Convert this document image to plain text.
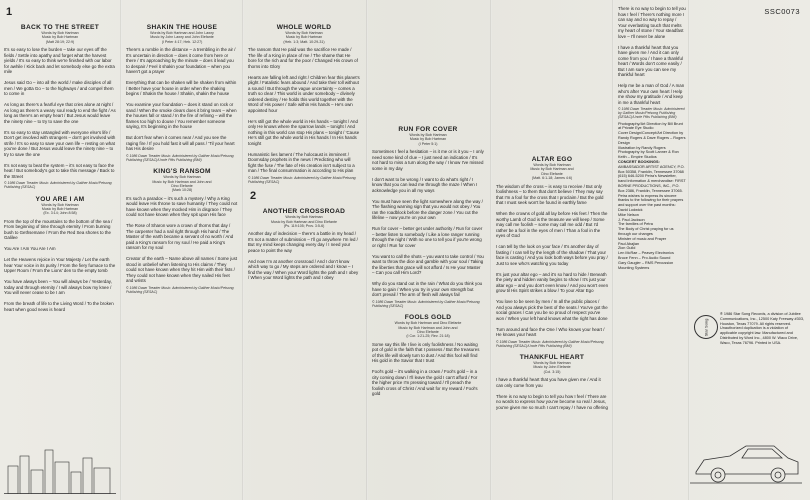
SSC0073
1
BACK TO THE STREET
Words by Bob Hartman
Music by Bob Hartman
(Matt 28:19; 22:9)
It's so easy to lose the burden – take our eyes off the fields / Settle into apathy and forget what the harvest yields / It's so easy to think we're finished with our labor for awhile / Kick back and let somebody else go the extra mile

Jesus said Go – into all the world / make disciples of all men / We gotta Go – to the highways / and compel them to come in

As long as there's a fearful eye that cries alone at night / As long as there's a weary soul ready to end the fight / As long as there's an empty heart / But Jesus would leave the ninety nine – to try to save the one

It's so easy to stay untangled with everyone else's life / Don't get involved with strangers – don't get involved with strife / It's so easy to save your own life – resting on what you've done / But Jesus would leave the ninety nine – to try to save the one

It's not easy to beat the system – it's not easy to face the heat / But somebody's got to take this message / Back to the Street
© 1986 Dawn Treader Music. Administered by Gaither Music/Petsong Publishing (SESAC)
YOU ARE I AM
Words by Bob Hartman
Music by Bob Hartman
(Ex. 3:14; John 8:58)
From the top of the mountains to the bottom of the sea / From beginning of time through eternity / From burning bush to Gethsemane / From the Red Sea shores to the Galilee

You Are I Am You Are I Am

Let the Heavens rejoice in Your Majesty / Let the earth hear Your voice in its purity / From the fiery furnace to the Upper Room / From the Lions' den to the empty tomb

You have always been – You will always be / Yesterday, today and through eternity / I will always bow my knee / You will never cease to be I am

From the breath of life to the Living Word / To the broken heart when good news is heard
SHAKIN THE HOUSE
Words by Bob Hartman and John Lawry
Music by John Lawry and John Elefante
(I Peter 4:17; Heb. 12:27)
There's a rumble in the distance – a trembling in the air / It's uncertain in direction – does it come from here or there / It's approaching by the minute – does it lead you to despair / Feel it shakin your foundation – when you haven't got a prayer

Everything that can be shaken will be shaken from within / Better have your house in order when the shaking begins / Shakin the house / Shakin, shakin the house

You examine your foundation – does it stand on rock or sand / When the smoke clears does it bring tears – when the houses fall or stand / In the fire of refining – will the flames too high to douse / You remember someone saying, It's beginning in the house

But don't fear when it comes near / And you see the raging fire / If you hold fast it will all pass / 'Til your heart has His desire
© 1986 Dawn Treader Music. Administered by Gaither Music/Petsong Publishing (SESAC)/Uncle Pitts Publishing (BMI)
KING'S RANSOM
Words by Bob Hartman
Music by Bob Hartman and John and
Dino Elefante
(Mark 10:28)
It's such a paradox – it's such a mystery / Why a King would leave His throne to save humanity / They could not have known when they mocked Him in disgrace / They could not have known when they spit upon His face

The Rose of Sharon wore a crown of thorns that day / The carpenter had a nail right through His hand / The Master of the earth became a servant of no worth / And paid a King's ransom for my soul / He paid a King's ransom for my soul

Creator of the earth – Name above all names / Some just stood in unbelief when listening to His claims / They could not have known when they hit Him with their fists / They could not have known when they nailed His feet and wrists
© 1986 Dawn Treader Music. Administered by Gaither Music/Petsong Publishing (SESAC)
WHOLE WORLD
Words by Bob Hartman
Music by Bob Hartman
(Heb. 1:3; Matt. 10:29-31)
The ransom that He paid was the sacrifice He made / The life of a King in place of me / The shame that He bore for the rich and for the poor / Changed His crown of thorns into Glory

Hearts are falling left and right / Children fear this planet's plight / Fatalistic fears abound / And take their toll without a sound / But through the vague uncertainty – comes a truth so clear / This world is under somebody – divinely ordered destiny / He holds this world together with the Word of His power / Safe within His hands – He's own appointed hour

He's still got the whole world in His hands – tonight / And only He knows where the sparrow lands – tonight / And nothing in this world can stop His plans – tonight / 'Cause He's still got the whole world in His hands / In His hands tonight

Humanistic lies lament / The holocaust is imminent / Doomsday prophets in the news / Predicting who will fight the fuse / The fate of His creation isn't subject to a man / The final consummation is according to His plan
© 1986 Dawn Treader Music. Administered by Gaither Music/Petsong Publishing (SESAC)
2
ANOTHER CROSSROAD
Words by Bob Hartman
Music by Bob Hartman and Dino Elefante
(Ps. 119:105; Prov. 3:5-6)
Another day of indecision – there's a battle in my head / It's not a matter of submission – I'll go anywhere I'm led / But my mind keeps changing every day / I need your peace to point the way

And now I'm at another crossroad / And I don't know which way to go / My steps are ordered and I know – I find the way / When your Word lights the path and I obey / When your Word lights the path and I obey
RUN FOR COVER
Words by Bob Hartman
Music by Bob Hartman
(I Peter 5:1)
Sometimes I feel a hesitation – is it me or is it you – I only need some kind of clue – I just need an indication / It's not hard to miss a turn along the way / I know I've missed some in my day

I don't want to be wrong / I want to do what's right / I know that you can lead me through the maze / When I acknowledge you in all my ways

You must have seen the light somewhere along the way / The flashing warning sign that you would not obey / You ran the roadblock before the danger zone / You cut the lifeline – now you're on your own

Run for cover – better get under authority / Run for cover – better listen to somebody / Like a lone ranger running through the night / With no one to tell you if you're wrong or right / Run for cover

You want to call the shots – you want to take control / You want to throw the dice and gamble with your soul / Taking the liberties that grace will not afford / Is He your Master – Can you call Him Lord?

Why do you stand out in the rain / What do you think you have to gain / When you try in your own strength but don't prevail / The arm of flesh will always fail
© 1986 Dawn Treader Music. Administered by Gaither Music/Petsong Publishing (SESAC)
FOOLS GOLD
Words by Bob Hartman and Dino Elefante
Music by Bob Hartman and John and
Dino Elefante
(I Cor. 1:21-25; Rev. 21:18)
Some say this life I live is only foolishness / No waiting pot of gold in the faith that I possess / But the treasures of this life will slowly turn to dust / And this fool will find His gold in the Savior that I trust

Fool's gold – it's walking in a crown / Fool's gold – in a city coming down / I'll leave the gold I can't afford / For the higher price I'm pressing toward / I'll preach the foolish cross of Christ / And wait for my reward / Fool's gold
ALTAR EGO
Words by Bob Hartman
Music by Bob Hartman and
Dino Elefante
(Matt. 6:1-18; James 4:6)
The wisdom of the cross – is easy to receive / But only foolishness – to them that don't believe / They may say that I'm a fool for the cross that I proclaim / But the gold that I must seek won't be found in earthly fame

When the crowns of gold all lay before His feet / Then the worthy Lamb of God is the treasure we will keep / Some may call me foolish – some may call me odd / But I'd rather be a fool in the eyes of men / Than a fool in the eyes of God

I can tell by the look on your face / It's another day of fasting / I can tell by the length of the shadow / That your face is casting / And you look both ways before you pray / Just to see who's watching you today

It's just your altar ego – and it's so hard to hide / Beneath the piety and hidden vanity begins to show / It's just your altar ego – and you don't even know / And you won't even grow til His Spirit strikes a blow / To your Altar Ego

You love to be seen by men / In all the public places / And you always pick the best of the seats / You've got the social graces / Can you be so proud of respect you've won / When your left hand knows what the right has done

Turn around and face the One / Who knows your heart / He knows your heart
© 1986 Dawn Treader Music. Administered by Gaither Music/Petsong Publishing (SESAC)/Uncle Pitts Publishing (BMI)
THANKFUL HEART
Words by Bob Hartman
Music by John Elefante
(Col. 3:15)
I have a thankful heart that you have given me / And it can only come from you

There is no way to begin to tell you how I feel / There are no words to express how you've become so real / Jesus, you've given me so much I can't repay / I have no offering
There is no way to begin to tell you how I feel / There's nothing more I can say and no way to repay / Your everlasting touch that melts my heart of stone / Your steadfast love – I'll never be alone

I have a thankful heart that you have given me / And it can only come from you / I have a thankful heart / Words don't come easily / But I am sure you can see my thankful heart

Help me be a man of God / A man who's after Your own heart / Help me show my gratitude / And keep in me a thankful heart
© 1986 Dawn Treader Music. Administered by Gaither Music/Petsong Publishing (SESAC)/Uncle Pitts Publishing (BMI)
Photography/Art Direction by Bill Brunt at Private Eye Studio
Cover Design/Concept/Art Direction by Randy Rogers & Dave Rogers – Rogers Design
Illustration by Randy Rogers
Photography by Scott Lanner & Ron Keith – Empire Studios
CONCERT BOOKINGS: AMBASSADOR ARTIST AGENCY, P.O. Box 50358, Franklin, Tennessee 37068 (615) 646-5200 Petra's Newsletter, band information & merchandise: FIRST BORNE PRODUCTIONS, INC., P.O. Box 2386, Franklin, Tennessee 37065.
Petra wishes to express its sincere thanks to the following for their prayers and support over the past months:
David Lodwick
Mike Nelson
J. Paul Jackson
The families of Petra
The Body of Christ praying for us through our changes
Minister of music and Prayer
Paul Abajian
Zion Guild
Len McRae – Peavey Electronics
Bruce Fenn – Pro Audio Sound
Gary Gaugler – RMS Percussion Mounting Systems
® 1986 Star Song Records, a division of Jubilee Communications, Inc., 12500 Katy Freeway #303, Houston, Texas 77079. All rights reserved. Unauthorized duplication is a violation of applicable copyright law. Manufactured and Distributed by Word Inc., 4800 W. Waco Drive, Waco, Texas 76796. Printed in USA.
Star Song
